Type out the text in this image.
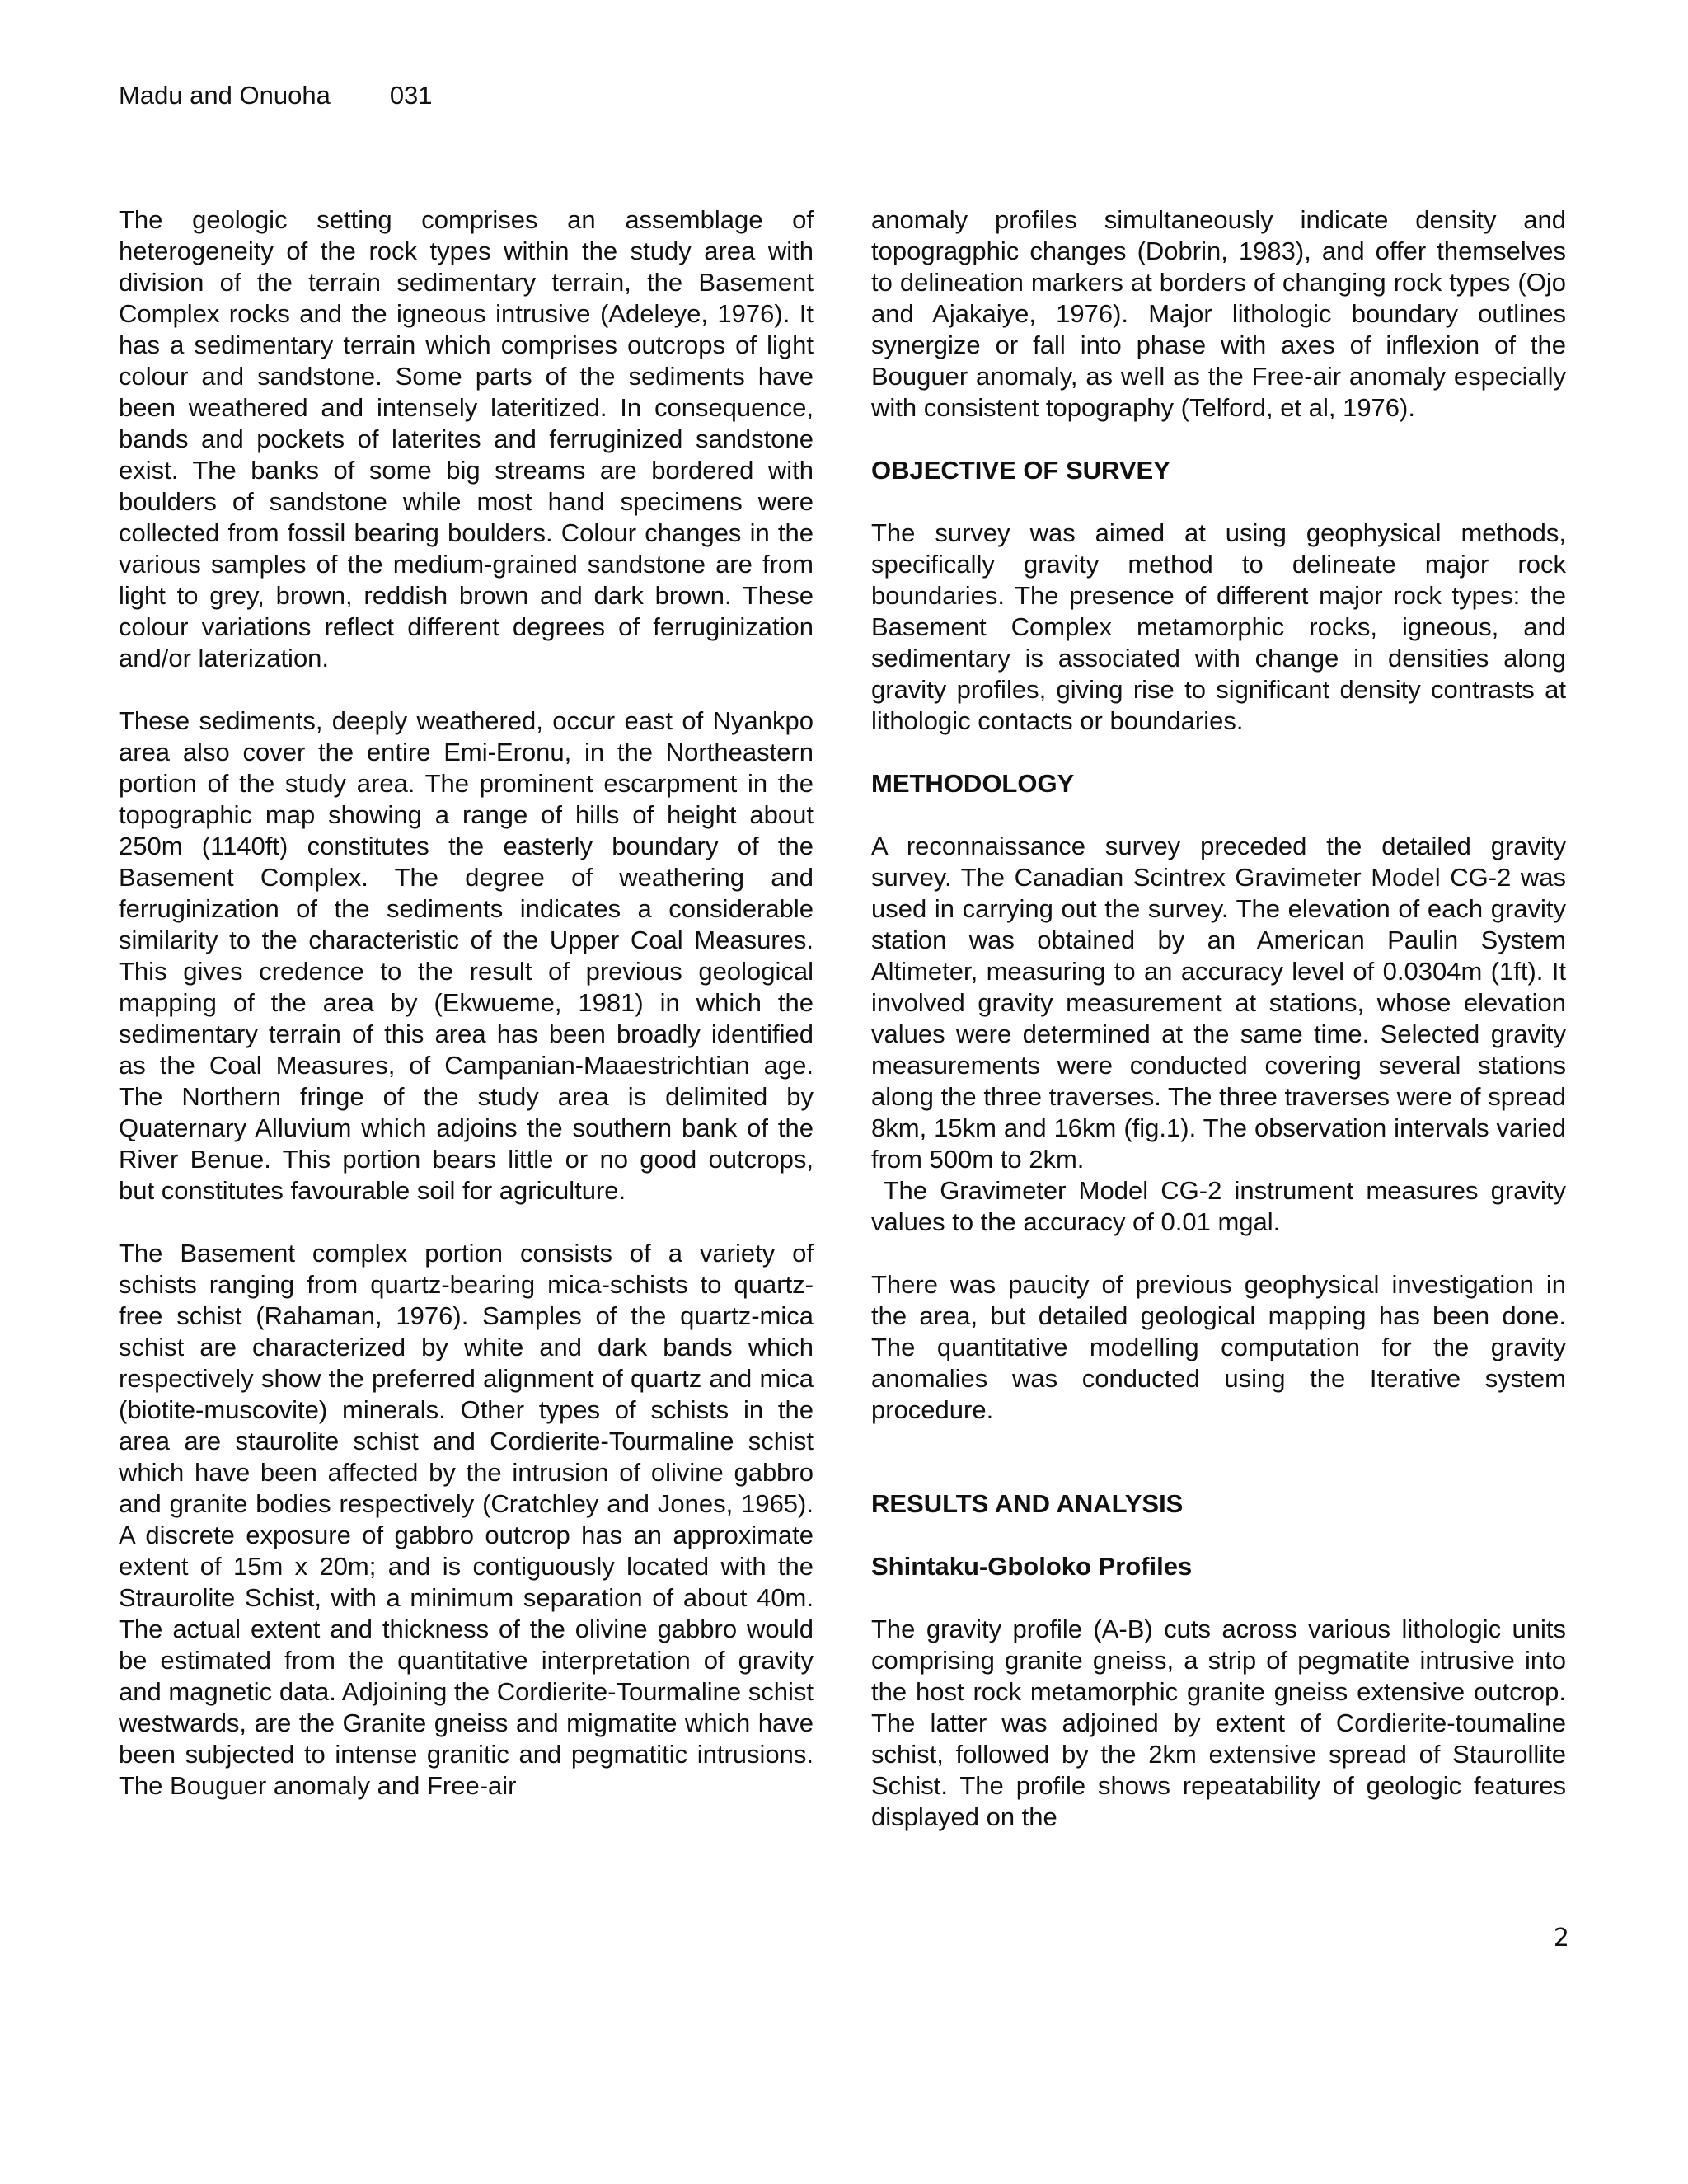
Madu and Onuoha 031

The geologic setting comprises an assemblage of heterogeneity of the rock types within the study area with division of the terrain sedimentary terrain, the Basement Complex rocks and the igneous intrusive (Adeleye, 1976). It has a sedimentary terrain which comprises outcrops of light colour and sandstone. Some parts of the sediments have been weathered and intensely lateritized. In consequence, bands and pockets of laterites and ferruginized sandstone exist. The banks of some big streams are bordered with boulders of sandstone while most hand specimens were collected from fossil bearing boulders. Colour changes in the various samples of the medium-grained sandstone are from light to grey, brown, reddish brown and dark brown. These colour variations reflect different degrees of ferruginization and/or laterization.

These sediments, deeply weathered, occur east of Nyankpo area also cover the entire Emi-Eronu, in the Northeastern portion of the study area. The prominent escarpment in the topographic map showing a range of hills of height about 250m (1140ft) constitutes the easterly boundary of the Basement Complex. The degree of weathering and ferruginization of the sediments indicates a considerable similarity to the characteristic of the Upper Coal Measures. This gives credence to the result of previous geological mapping of the area by (Ekwueme, 1981) in which the sedimentary terrain of this area has been broadly identified as the Coal Measures, of Campanian-Maaestrichtian age. The Northern fringe of the study area is delimited by Quaternary Alluvium which adjoins the southern bank of the River Benue. This portion bears little or no good outcrops, but constitutes favourable soil for agriculture.

The Basement complex portion consists of a variety of schists ranging from quartz-bearing mica-schists to quartz-free schist (Rahaman, 1976). Samples of the quartz-mica schist are characterized by white and dark bands which respectively show the preferred alignment of quartz and mica (biotite-muscovite) minerals. Other types of schists in the area are staurolite schist and Cordierite-Tourmaline schist which have been affected by the intrusion of olivine gabbro and granite bodies respectively (Cratchley and Jones, 1965). A discrete exposure of gabbro outcrop has an approximate extent of 15m x 20m; and is contiguously located with the Straurolite Schist, with a minimum separation of about 40m. The actual extent and thickness of the olivine gabbro would be estimated from the quantitative interpretation of gravity and magnetic data. Adjoining the Cordierite-Tourmaline schist westwards, are the Granite gneiss and migmatite which have been subjected to intense granitic and pegmatitic intrusions. The Bouguer anomaly and Free-air

anomaly profiles simultaneously indicate density and topogragphic changes (Dobrin, 1983), and offer themselves to delineation markers at borders of changing rock types (Ojo and Ajakaiye, 1976). Major lithologic boundary outlines synergize or fall into phase with axes of inflexion of the Bouguer anomaly, as well as the Free-air anomaly especially with consistent topography (Telford, et al, 1976).

OBJECTIVE OF SURVEY

The survey was aimed at using geophysical methods, specifically gravity method to delineate major rock boundaries. The presence of different major rock types: the Basement Complex metamorphic rocks, igneous, and sedimentary is associated with change in densities along gravity profiles, giving rise to significant density contrasts at lithologic contacts or boundaries.

METHODOLOGY

A reconnaissance survey preceded the detailed gravity survey. The Canadian Scintrex Gravimeter Model CG-2 was used in carrying out the survey. The elevation of each gravity station was obtained by an American Paulin System Altimeter, measuring to an accuracy level of 0.0304m (1ft). It involved gravity measurement at stations, whose elevation values were determined at the same time. Selected gravity measurements were conducted covering several stations along the three traverses. The three traverses were of spread 8km, 15km and 16km (fig.1). The observation intervals varied from 500m to 2km.

The Gravimeter Model CG-2 instrument measures gravity values to the accuracy of 0.01 mgal.

There was paucity of previous geophysical investigation in the area, but detailed geological mapping has been done. The quantitative modelling computation for the gravity anomalies was conducted using the Iterative system procedure.

RESULTS AND ANALYSIS
Shintaku-Gboloko Profiles

The gravity profile (A-B) cuts across various lithologic units comprising granite gneiss, a strip of pegmatite intrusive into the host rock metamorphic granite gneiss extensive outcrop. The latter was adjoined by extent of Cordierite-toumaline schist, followed by the 2km extensive spread of Staurollite Schist. The profile shows repeatability of geologic features displayed on the

2
